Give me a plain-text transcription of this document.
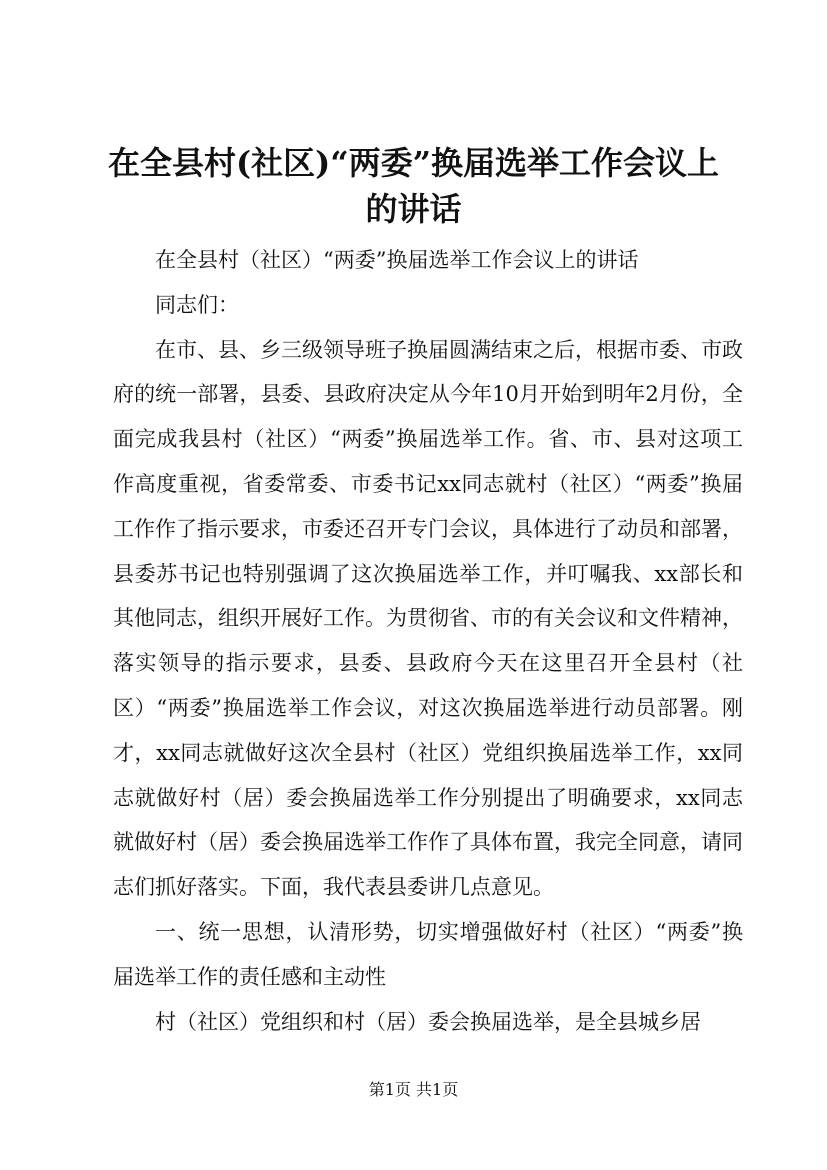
在全县村(社区)“两委”换届选举工作会议上的讲话

在全县村（社区）“两委”换届选举工作会议上的讲话

同志们：

在市、县、乡三级领导班子换届圆满结束之后，根据市委、市政府的统一部署，县委、县政府决定从今年10月开始到明年2月份，全面完成我县村（社区）“两委”换届选举工作。省、市、县对这项工作高度重视，省委常委、市委书记xx同志就村（社区）“两委”换届工作作了指示要求，市委还召开专门会议，具体进行了动员和部署，县委苏书记也特别强调了这次换届选举工作，并叮嘱我、xx部长和其他同志，组织开展好工作。为贯彻省、市的有关会议和文件精神，落实领导的指示要求，县委、县政府今天在这里召开全县村（社区）“两委”换届选举工作会议，对这次换届选举进行动员部署。刚才，xx同志就做好这次全县村（社区）党组织换届选举工作，xx同志就做好村（居）委会换届选举工作分别提出了明确要求，xx同志就做好村（居）委会换届选举工作作了具体布置，我完全同意，请同志们抓好落实。下面，我代表县委讲几点意见。

一、统一思想，认清形势，切实增强做好村（社区）“两委”换届选举工作的责任感和主动性

村（社区）党组织和村（居）委会换届选举，是全县城乡居

第1页 共1页
